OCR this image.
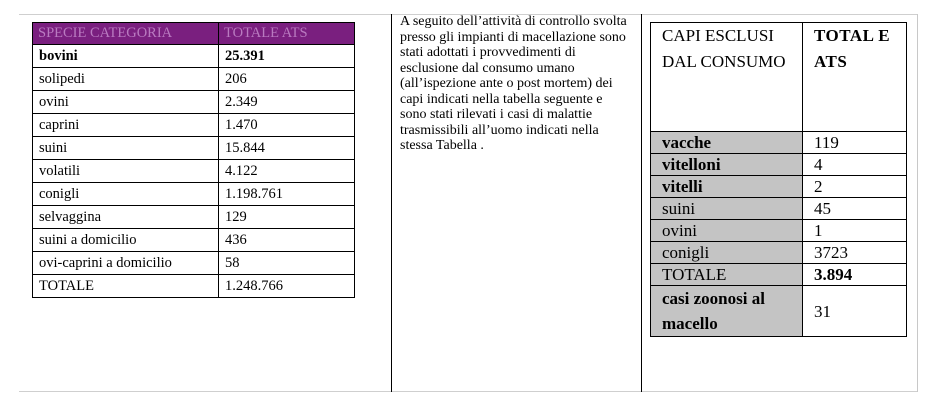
SPECIE CATEGORIA	TOTALE ATS
bovini	25.391
solipedi	206
ovini	2.349
caprini	1.470
suini	15.844
volatili	4.122
conigli	1.198.761
selvaggina	129
suini a domicilio	436
ovi-caprini a domicilio	58
TOTALE	1.248.766

A seguito dell’attività di controllo svolta presso gli impianti di macellazione sono stati adottati i provvedimenti di esclusione dal consumo umano (all’ispezione ante o post mortem) dei capi indicati nella tabella seguente e sono stati rilevati i casi di malattie trasmissibili all’uomo indicati nella stessa Tabella .

CAPI ESCLUSI DAL CONSUMO	TOTAL E ATS
vacche	119
vitelloni	4
vitelli	2
suini	45
ovini	1
conigli	3723
TOTALE	3.894
casi zoonosi al macello	31
